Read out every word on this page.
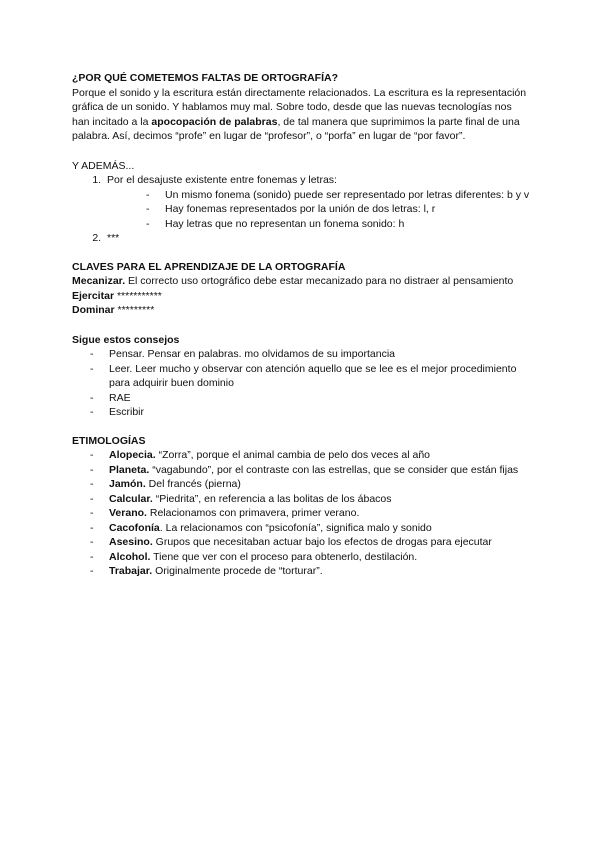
¿POR QUÉ COMETEMOS FALTAS DE ORTOGRAFÍA?

Porque el sonido y la escritura están directamente relacionados. La escritura es la representación gráfica de un sonido. Y hablamos muy mal. Sobre todo, desde que las nuevas tecnologías nos han incitado a la apocopación de palabras, de tal manera que suprimimos la parte final de una palabra. Así, decimos “profe” en lugar de “profesor”, o “porfa” en lugar de “por favor”.

Y ADEMÁS...

1. Por el desajuste existente entre fonemas y letras:
- Un mismo fonema (sonido) puede ser representado por letras diferentes: b y v
- Hay fonemas representados por la unión de dos letras: l, r
- Hay letras que no representan un fonema sonido: h
2. ***
CLAVES PARA EL APRENDIZAJE DE LA ORTOGRAFÍA

Mecanizar. El correcto uso ortográfico debe estar mecanizado para no distraer al pensamiento

Ejercitar ***********

Dominar *********

Sigue estos consejos
- Pensar. Pensar en palabras. mo olvidamos de su importancia
- Leer. Leer mucho y observar con atención aquello que se lee es el mejor procedimiento para adquirir buen dominio
- RAE
- Escribir
ETIMOLOGÍAS
- Alopecia. “Zorra”, porque el animal cambia de pelo dos veces al año
- Planeta. “vagabundo”, por el contraste con las estrellas, que se consider que están fijas
- Jamón. Del francés (pierna)
- Calcular. “Piedrita”, en referencia a las bolitas de los ábacos
- Verano. Relacionamos con primavera, primer verano.
- Cacofonía. La relacionamos con “psicofonía”, significa malo y sonido
- Asesino. Grupos que necesitaban actuar bajo los efectos de drogas para ejecutar
- Alcohol. Tiene que ver con el proceso para obtenerlo, destilación.
- Trabajar. Originalmente procede de “torturar”.
